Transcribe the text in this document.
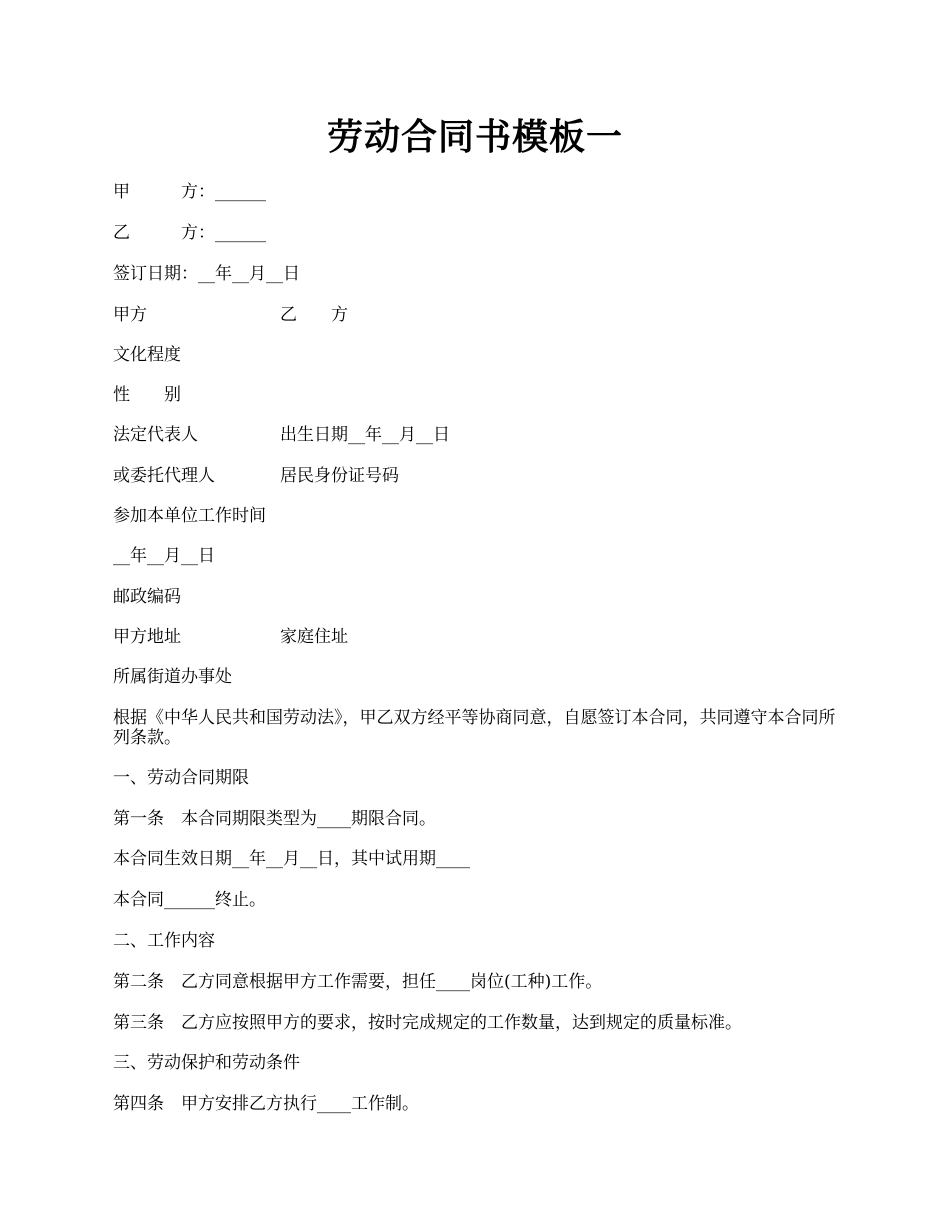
劳动合同书模板一
甲　　　方：______
乙　　　方：______
签订日期：__年__月__日
甲方	乙　　方
文化程度
性　　别
法定代表人	出生日期__年__月__日
或委托代理人	居民身份证号码
参加本单位工作时间
__年__月__日
邮政编码
甲方地址	家庭住址
所属街道办事处
根据《中华人民共和国劳动法》，甲乙双方经平等协商同意，自愿签订本合同，共同遵守本合同所列条款。
一、劳动合同期限
第一条　本合同期限类型为____期限合同。
本合同生效日期__年__月__日，其中试用期____
本合同______终止。
二、工作内容
第二条　乙方同意根据甲方工作需要，担任____岗位(工种)工作。
第三条　乙方应按照甲方的要求，按时完成规定的工作数量，达到规定的质量标准。
三、劳动保护和劳动条件
第四条　甲方安排乙方执行____工作制。
